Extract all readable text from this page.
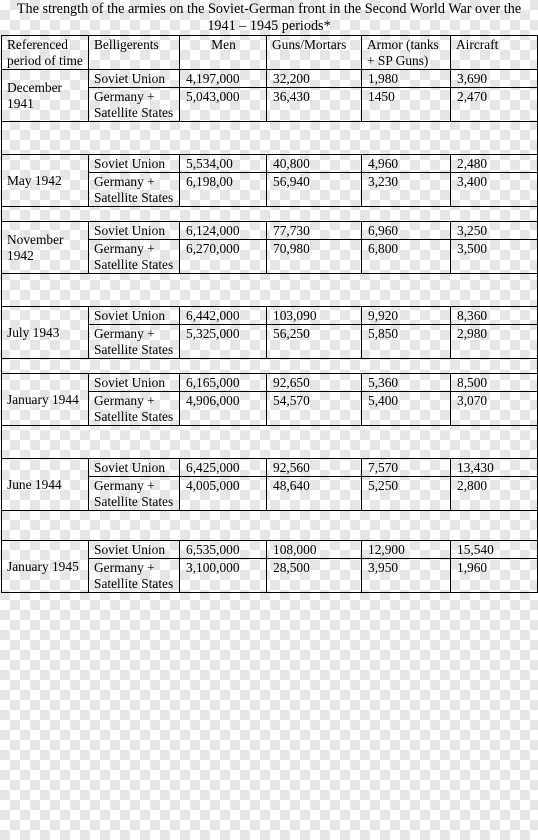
The strength of the armies on the Soviet-German front in the Second World War over the 1941 – 1945 periods*
Referenced period of time	Belligerents	Men	Guns/Mortars	Armor (tanks + SP Guns)	Aircraft
December 1941	Soviet Union	4,197,000	32,200	1,980	3,690
	Germany + Satellite States	5,043,000	36,430	1450	2,470

May 1942	Soviet Union	5,534,00	40,800	4,960	2,480
	Germany + Satellite States	6,198,00	56,940	3,230	3,400

November 1942	Soviet Union	6,124,000	77,730	6,960	3,250
	Germany + Satellite States	6,270,000	70,980	6,800	3,500

July 1943	Soviet Union	6,442,000	103,090	9,920	8,360
	Germany + Satellite States	5,325,000	56,250	5,850	2,980

January 1944	Soviet Union	6,165,000	92,650	5,360	8,500
	Germany + Satellite States	4,906,000	54,570	5,400	3,070

June 1944	Soviet Union	6,425,000	92,560	7,570	13,430
	Germany + Satellite States	4,005,000	48,640	5,250	2,800

January 1945	Soviet Union	6,535,000	108,000	12,900	15,540
	Germany + Satellite States	3,100,000	28,500	3,950	1,960
